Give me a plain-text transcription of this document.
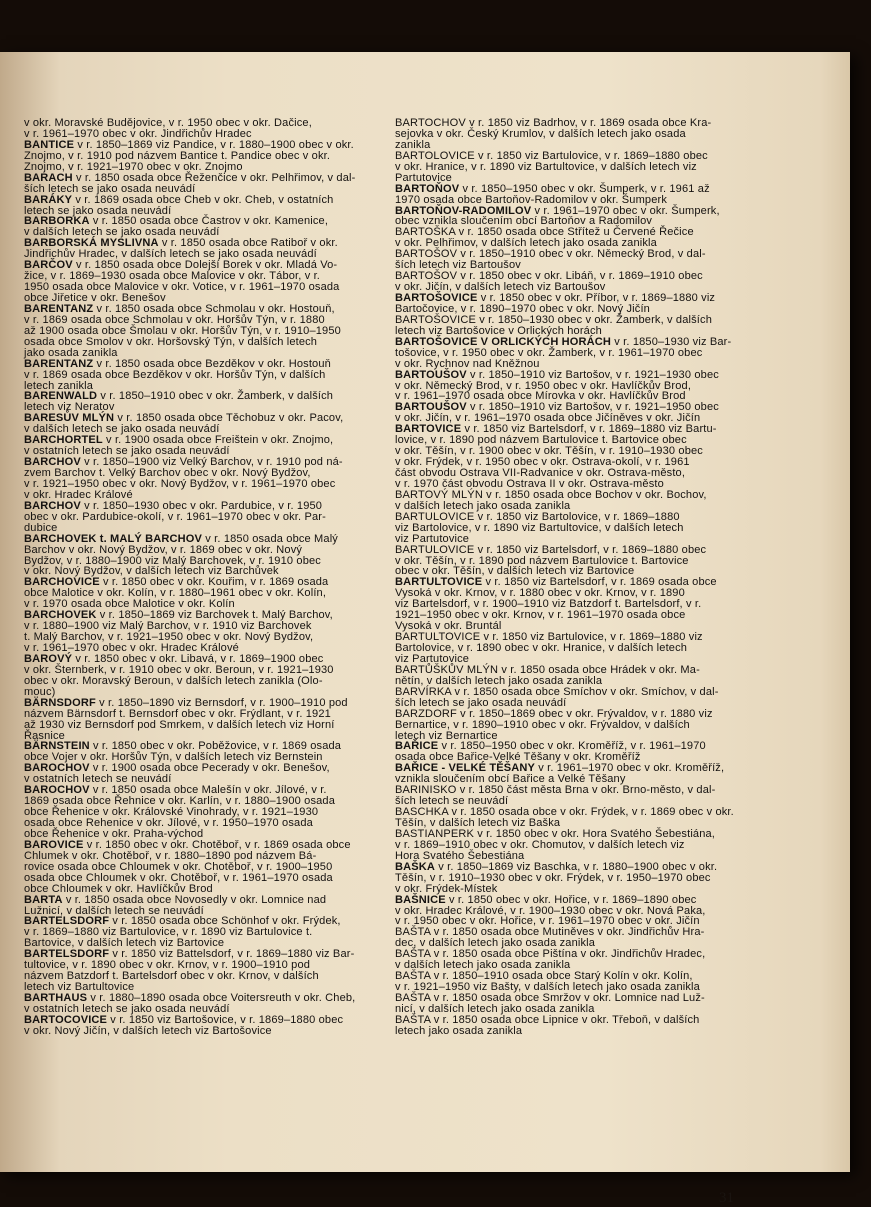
v okr. Moravské Budějovice, v r. 1950 obec v okr. Dačice,
v r. 1961–1970 obec v okr. Jindřichův Hradec

BANTICE v r. 1850–1869 viz Pandice, v r. 1880–1900 obec v okr.
Znojmo, v r. 1910 pod názvem Bantice t. Pandice obec v okr.
Znojmo, v r. 1921–1970 obec v okr. Znojmo

BARACH v r. 1850 osada obce Řeženčice v okr. Pelhřimov, v dal-
ších letech se jako osada neuvádí

BARÁKY v r. 1869 osada obce Cheb v okr. Cheb, v ostatních
letech se jako osada neuvádí

BARBORKA v r. 1850 osada obce Častrov v okr. Kamenice,
v dalších letech se jako osada neuvádí

BARBORSKÁ MYSLIVNA v r. 1850 osada obce Ratiboř v okr.
Jindřichův Hradec, v dalších letech se jako osada neuvádí

BARČOV v r. 1850 osada obce Dolejší Borek v okr. Mladá Vo-
žice, v r. 1869–1930 osada obce Malovice v okr. Tábor, v r.
1950 osada obce Malovice v okr. Votice, v r. 1961–1970 osada
obce Jiřetice v okr. Benešov

BARENTANZ v r. 1850 osada obce Schmolau v okr. Hostouň,
v r. 1869 osada obce Schmolau v okr. Horšův Týn, v r. 1880
až 1900 osada obce Šmolau v okr. Horšův Týn, v r. 1910–1950
osada obce Smolov v okr. Horšovský Týn, v dalších letech
jako osada zanikla

BARENTANZ v r. 1850 osada obce Bezděkov v okr. Hostouň
v r. 1869 osada obce Bezděkov v okr. Horšův Týn, v dalších
letech zanikla

BARENWALD v r. 1850–1910 obec v okr. Žamberk, v dalších
letech viz Neratov

BARESŮV MLÝN v r. 1850 osada obce Těchobuz v okr. Pacov,
v dalších letech se jako osada neuvádí

BARCHORTEL v r. 1900 osada obce Freištein v okr. Znojmo,
v ostatních letech se jako osada neuvádí

BARCHOV v r. 1850–1900 viz Velký Barchov, v r. 1910 pod ná-
zvem Barchov t. Velký Barchov obec v okr. Nový Bydžov,
v r. 1921–1950 obec v okr. Nový Bydžov, v r. 1961–1970 obec
v okr. Hradec Králové

BARCHOV v r. 1850–1930 obec v okr. Pardubice, v r. 1950
obec v okr. Pardubice-okolí, v r. 1961–1970 obec v okr. Par-
dubice

BARCHOVEK t. MALÝ BARCHOV v r. 1850 osada obce Malý
Barchov v okr. Nový Bydžov, v r. 1869 obec v okr. Nový
Bydžov, v r. 1880–1900 viz Malý Barchovek, v r. 1910 obec
v okr. Nový Bydžov, v dalších letech viz Barchůvek

BARCHOVICE v r. 1850 obec v okr. Kouřim, v r. 1869 osada
obce Malotice v okr. Kolín, v r. 1880–1961 obec v okr. Kolín,
v r. 1970 osada obce Malotice v okr. Kolín

BARCHOVEK v r. 1850–1869 viz Barchovek t. Malý Barchov,
v r. 1880–1900 viz Malý Barchov, v r. 1910 viz Barchovek
t. Malý Barchov, v r. 1921–1950 obec v okr. Nový Bydžov,
v r. 1961–1970 obec v okr. Hradec Králové

BAROVÝ v r. 1850 obec v okr. Libavá, v r. 1869–1900 obec
v okr. Šternberk, v r. 1910 obec v okr. Beroun, v r. 1921–1930
obec v okr. Moravský Beroun, v dalších letech zanikla (Olo-
mouc)

BÄRNSDORF v r. 1850–1890 viz Bernsdorf, v r. 1900–1910 pod
názvem Bärnsdorf t. Bernsdorf obec v okr. Frýdlant, v r. 1921
až 1930 viz Bernsdorf pod Smrkem, v dalších letech viz Horní
Řasnice

BÄRNSTEIN v r. 1850 obec v okr. Poběžovice, v r. 1869 osada
obce Vojer v okr. Horšův Týn, v dalších letech viz Bernstein

BAROCHOV v r. 1900 osada obce Pecerady v okr. Benešov,
v ostatních letech se neuvádí

BAROCHOV v r. 1850 osada obce Malešín v okr. Jílové, v r.
1869 osada obce Řehnice v okr. Karlín, v r. 1880–1900 osada
obce Řehenice v okr. Královské Vinohrady, v r. 1921–1930
osada obce Rehenice v okr. Jílové, v r. 1950–1970 osada
obce Řehenice v okr. Praha-východ

BAROVICE v r. 1850 obec v okr. Chotěboř, v r. 1869 osada obce
Chlumek v okr. Chotěboř, v r. 1880–1890 pod názvem Bá-
rovice osada obce Chloumek v okr. Chotěboř, v r. 1900–1950
osada obce Chloumek v okr. Chotěboř, v r. 1961–1970 osada
obce Chloumek v okr. Havlíčkův Brod

BARTA v r. 1850 osada obce Novosedly v okr. Lomnice nad
Lužnicí, v dalších letech se neuvádí

BARTELSDORF v r. 1850 osada obce Schönhof v okr. Frýdek,
v r. 1869–1880 viz Bartulovice, v r. 1890 viz Bartulovice t.
Bartovice, v dalších letech viz Bartovice

BARTELSDORF v r. 1850 viz Battelsdorf, v r. 1869–1880 viz Bar-
tultovice, v r. 1890 obec v okr. Krnov, v r. 1900–1910 pod
názvem Batzdorf t. Bartelsdorf obec v okr. Krnov, v dalších
letech viz Bartultovice

BARTHAUS v r. 1880–1890 osada obce Voitersreuth v okr. Cheb,
v ostatních letech se jako osada neuvádí

BARTOCOVICE v r. 1850 viz Bartošovice, v r. 1869–1880 obec
v okr. Nový Jičín, v dalších letech viz Bartošovice

BARTOCHOV v r. 1850 viz Badrhov, v r. 1869 osada obce Kra-
sejovka v okr. Český Krumlov, v dalších letech jako osada
zanikla

BARTOLOVICE v r. 1850 viz Bartulovice, v r. 1869–1880 obec
v okr. Hranice, v r. 1890 viz Bartultovice, v dalších letech viz
Partutovice

BARTOŇOV v r. 1850–1950 obec v okr. Šumperk, v r. 1961 až
1970 osada obce Bartoňov-Radomilov v okr. Šumperk

BARTOŇOV-RADOMILOV v r. 1961–1970 obec v okr. Šumperk,
obec vznikla sloučením obcí Bartoňov a Radomilov

BARTOŠKA v r. 1850 osada obce Střítež u Červené Řečice
v okr. Pelhřimov, v dalších letech jako osada zanikla

BARTOŠOV v r. 1850–1910 obec v okr. Německý Brod, v dal-
ších letech viz Bartoušov

BARTOŠOV v r. 1850 obec v okr. Libáň, v r. 1869–1910 obec
v okr. Jičín, v dalších letech viz Bartoušov

BARTOŠOVICE v r. 1850 obec v okr. Příbor, v r. 1869–1880 viz
Bartočovice, v r. 1890–1970 obec v okr. Nový Jičín

BARTOŠOVICE v r. 1850–1930 obec v okr. Žamberk, v dalších
letech viz Bartošovice v Orlických horách

BARTOŠOVICE V ORLICKÝCH HORÁCH v r. 1850–1930 viz Bar-
tošovice, v r. 1950 obec v okr. Žamberk, v r. 1961–1970 obec
v okr. Rychnov nad Kněžnou

BARTOUŠOV v r. 1850–1910 viz Bartošov, v r. 1921–1930 obec
v okr. Německý Brod, v r. 1950 obec v okr. Havlíčkův Brod,
v r. 1961–1970 osada obce Mírovka v okr. Havlíčkův Brod

BARTOUŠOV v r. 1850–1910 viz Bartošov, v r. 1921–1950 obec
v okr. Jičín, v r. 1961–1970 osada obce Jičíněves v okr. Jičín

BARTOVICE v r. 1850 viz Bartelsdorf, v r. 1869–1880 viz Bartu-
lovice, v r. 1890 pod názvem Bartulovice t. Bartovice obec
v okr. Těšín, v r. 1900 obec v okr. Těšín, v r. 1910–1930 obec
v okr. Frýdek, v r. 1950 obec v okr. Ostrava-okolí, v r. 1961
část obvodu Ostrava VII-Radvanice v okr. Ostrava-město,
v r. 1970 část obvodu Ostrava II v okr. Ostrava-město

BARTOVÝ MLÝN v r. 1850 osada obce Bochov v okr. Bochov,
v dalších letech jako osada zanikla

BARTULOVICE v r. 1850 viz Bartolovice, v r. 1869–1880
viz Bartolovice, v r. 1890 viz Bartultovice, v dalších letech
viz Partutovice

BARTULOVICE v r. 1850 viz Bartelsdorf, v r. 1869–1880 obec
v okr. Těšín, v r. 1890 pod názvem Bartulovice t. Bartovice
obec v okr. Těšín, v dalších letech viz Bartovice

BARTULTOVICE v r. 1850 viz Bartelsdorf, v r. 1869 osada obce
Vysoká v okr. Krnov, v r. 1880 obec v okr. Krnov, v r. 1890
viz Bartelsdorf, v r. 1900–1910 viz Batzdorf t. Bartelsdorf, v r.
1921–1950 obec v okr. Krnov, v r. 1961–1970 osada obce
Vysoká v okr. Bruntál

BARTULTOVICE v r. 1850 viz Bartulovice, v r. 1869–1880 viz
Bartolovice, v r. 1890 obec v okr. Hranice, v dalších letech
viz Partutovice

BARTŮŠKŮV MLÝN v r. 1850 osada obce Hrádek v okr. Ma-
nětín, v dalších letech jako osada zanikla

BARVÍRKA v r. 1850 osada obce Smíchov v okr. Smíchov, v dal-
ších letech se jako osada neuvádí

BARZDORF v r. 1850–1869 obec v okr. Frývaldov, v r. 1880 viz
Bernartice, v r. 1890–1910 obec v okr. Frývaldov, v dalších
letech viz Bernartice

BAŘICE v r. 1850–1950 obec v okr. Kroměříž, v r. 1961–1970
osada obce Bařice-Velké Těšany v okr. Kroměříž

BAŘICE - VELKÉ TĚŠANY v r. 1961–1970 obec v okr. Kroměříž,
vznikla sloučením obcí Bařice a Velké Těšany

BARINISKO v r. 1850 část města Brna v okr. Brno-město, v dal-
ších letech se neuvádí

BASCHKA v r. 1850 osada obce v okr. Frýdek, v r. 1869 obec v okr.
Těšín, v dalších letech viz Baška

BASTIANPERK v r. 1850 obec v okr. Hora Svatého Šebestiána,
v r. 1869–1910 obec v okr. Chomutov, v dalších letech viz
Hora Svatého Šebestiána

BAŠKA v r. 1850–1869 viz Baschka, v r. 1880–1900 obec v okr.
Těšín, v r. 1910–1930 obec v okr. Frýdek, v r. 1950–1970 obec
v okr. Frýdek-Místek

BAŠNICE v r. 1850 obec v okr. Hořice, v r. 1869–1890 obec
v okr. Hradec Králové, v r. 1900–1930 obec v okr. Nová Paka,
v r. 1950 obec v okr. Hořice, v r. 1961–1970 obec v okr. Jičín

BAŠTA v r. 1850 osada obce Mutiněves v okr. Jindřichův Hra-
dec, v dalších letech jako osada zanikla

BAŠTA v r. 1850 osada obce Pištína v okr. Jindřichův Hradec,
v dalších letech jako osada zanikla

BAŠTA v r. 1850–1910 osada obce Starý Kolín v okr. Kolín,
v r. 1921–1950 viz Bašty, v dalších letech jako osada zanikla

BAŠTA v r. 1850 osada obce Smržov v okr. Lomnice nad Luž-
nicí, v dalších letech jako osada zanikla

BAŠTA v r. 1850 osada obce Lipnice v okr. Třeboň, v dalších
letech jako osada zanikla

31
